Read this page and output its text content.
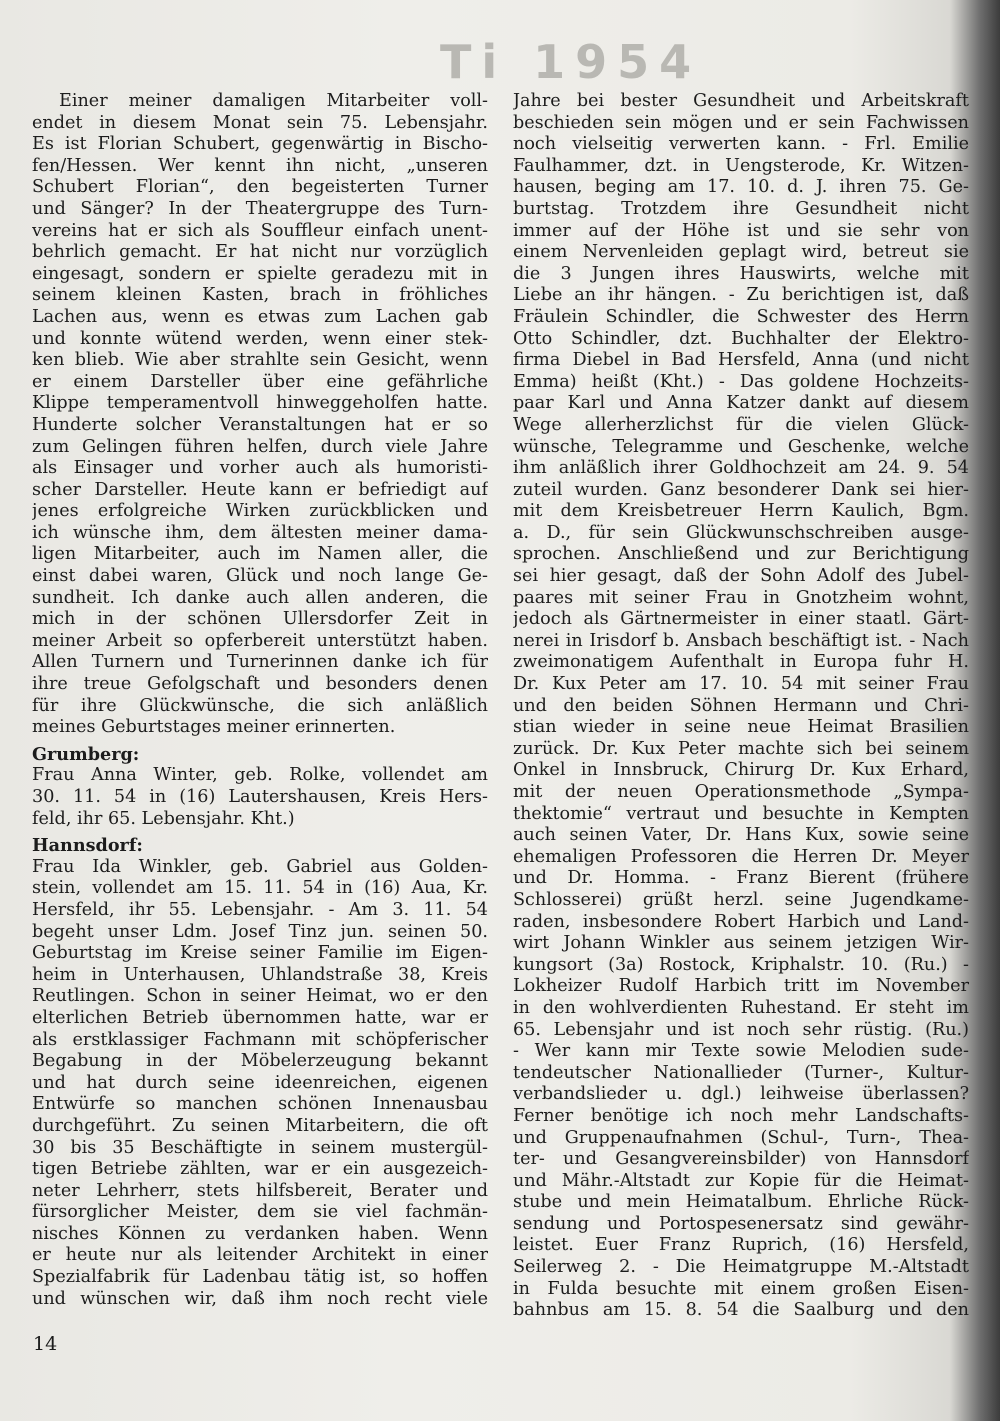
Ti 1954
Einer meiner damaligen Mitarbeiter voll-
endet in diesem Monat sein 75. Lebensjahr.
Es ist Florian Schubert, gegenwärtig in Bischo-
fen/Hessen. Wer kennt ihn nicht, „unseren
Schubert Florian“, den begeisterten Turner
und Sänger? In der Theatergruppe des Turn-
vereins hat er sich als Souffleur einfach unent-
behrlich gemacht. Er hat nicht nur vorzüglich
eingesagt, sondern er spielte geradezu mit in
seinem kleinen Kasten, brach in fröhliches
Lachen aus, wenn es etwas zum Lachen gab
und konnte wütend werden, wenn einer stek-
ken blieb. Wie aber strahlte sein Gesicht, wenn
er einem Darsteller über eine gefährliche
Klippe temperamentvoll hinweggeholfen hatte.
Hunderte solcher Veranstaltungen hat er so
zum Gelingen führen helfen, durch viele Jahre
als Einsager und vorher auch als humoristi-
scher Darsteller. Heute kann er befriedigt auf
jenes erfolgreiche Wirken zurückblicken und
ich wünsche ihm, dem ältesten meiner dama-
ligen Mitarbeiter, auch im Namen aller, die
einst dabei waren, Glück und noch lange Ge-
sundheit. Ich danke auch allen anderen, die
mich in der schönen Ullersdorfer Zeit in
meiner Arbeit so opferbereit unterstützt haben.
Allen Turnern und Turnerinnen danke ich für
ihre treue Gefolgschaft und besonders denen
für ihre Glückwünsche, die sich anläßlich
meines Geburtstages meiner erinnerten.
Grumberg:
Frau Anna Winter, geb. Rolke, vollendet am
30. 11. 54 in (16) Lautershausen, Kreis Hers-
feld, ihr 65. Lebensjahr. Kht.)
Hannsdorf:
Frau Ida Winkler, geb. Gabriel aus Golden-
stein, vollendet am 15. 11. 54 in (16) Aua, Kr.
Hersfeld, ihr 55. Lebensjahr. - Am 3. 11. 54
begeht unser Ldm. Josef Tinz jun. seinen 50.
Geburtstag im Kreise seiner Familie im Eigen-
heim in Unterhausen, Uhlandstraße 38, Kreis
Reutlingen. Schon in seiner Heimat, wo er den
elterlichen Betrieb übernommen hatte, war er
als erstklassiger Fachmann mit schöpferischer
Begabung in der Möbelerzeugung bekannt
und hat durch seine ideenreichen, eigenen
Entwürfe so manchen schönen Innenausbau
durchgeführt. Zu seinen Mitarbeitern, die oft
30 bis 35 Beschäftigte in seinem mustergül-
tigen Betriebe zählten, war er ein ausgezeich-
neter Lehrherr, stets hilfsbereit, Berater und
fürsorglicher Meister, dem sie viel fachmän-
nisches Können zu verdanken haben. Wenn
er heute nur als leitender Architekt in einer
Spezialfabrik für Ladenbau tätig ist, so hoffen
und wünschen wir, daß ihm noch recht viele
Jahre bei bester Gesundheit und Arbeitskraft
beschieden sein mögen und er sein Fachwissen
noch vielseitig verwerten kann. - Frl. Emilie
Faulhammer, dzt. in Uengsterode, Kr. Witzen-
hausen, beging am 17. 10. d. J. ihren 75. Ge-
burtstag. Trotzdem ihre Gesundheit nicht
immer auf der Höhe ist und sie sehr von
einem Nervenleiden geplagt wird, betreut sie
die 3 Jungen ihres Hauswirts, welche mit
Liebe an ihr hängen. - Zu berichtigen ist, daß
Fräulein Schindler, die Schwester des Herrn
Otto Schindler, dzt. Buchhalter der Elektro-
firma Diebel in Bad Hersfeld, Anna (und nicht
Emma) heißt (Kht.) - Das goldene Hochzeits-
paar Karl und Anna Katzer dankt auf diesem
Wege allerherzlichst für die vielen Glück-
wünsche, Telegramme und Geschenke, welche
ihm anläßlich ihrer Goldhochzeit am 24. 9. 54
zuteil wurden. Ganz besonderer Dank sei hier-
mit dem Kreisbetreuer Herrn Kaulich, Bgm.
a. D., für sein Glückwunschschreiben ausge-
sprochen. Anschließend und zur Berichtigung
sei hier gesagt, daß der Sohn Adolf des Jubel-
paares mit seiner Frau in Gnotzheim wohnt,
jedoch als Gärtnermeister in einer staatl. Gärt-
nerei in Irisdorf b. Ansbach beschäftigt ist. - Nach
zweimonatigem Aufenthalt in Europa fuhr H.
Dr. Kux Peter am 17. 10. 54 mit seiner Frau
und den beiden Söhnen Hermann und Chri-
stian wieder in seine neue Heimat Brasilien
zurück. Dr. Kux Peter machte sich bei seinem
Onkel in Innsbruck, Chirurg Dr. Kux Erhard,
mit der neuen Operationsmethode „Sympa-
thektomie“ vertraut und besuchte in Kempten
auch seinen Vater, Dr. Hans Kux, sowie seine
ehemaligen Professoren die Herren Dr. Meyer
und Dr. Homma. - Franz Bierent (frühere
Schlosserei) grüßt herzl. seine Jugendkame-
raden, insbesondere Robert Harbich und Land-
wirt Johann Winkler aus seinem jetzigen Wir-
kungsort (3a) Rostock, Kriphalstr. 10. (Ru.) -
Lokheizer Rudolf Harbich tritt im November
in den wohlverdienten Ruhestand. Er steht im
65. Lebensjahr und ist noch sehr rüstig. (Ru.)
- Wer kann mir Texte sowie Melodien sude-
tendeutscher Nationallieder (Turner-, Kultur-
verbandslieder u. dgl.) leihweise überlassen?
Ferner benötige ich noch mehr Landschafts-
und Gruppenaufnahmen (Schul-, Turn-, Thea-
ter- und Gesangvereinsbilder) von Hannsdorf
und Mähr.-Altstadt zur Kopie für die Heimat-
stube und mein Heimatalbum. Ehrliche Rück-
sendung und Portospesenersatz sind gewähr-
leistet. Euer Franz Ruprich, (16) Hersfeld,
Seilerweg 2. - Die Heimatgruppe M.-Altstadt
in Fulda besuchte mit einem großen Eisen-
bahnbus am 15. 8. 54 die Saalburg und den
14
